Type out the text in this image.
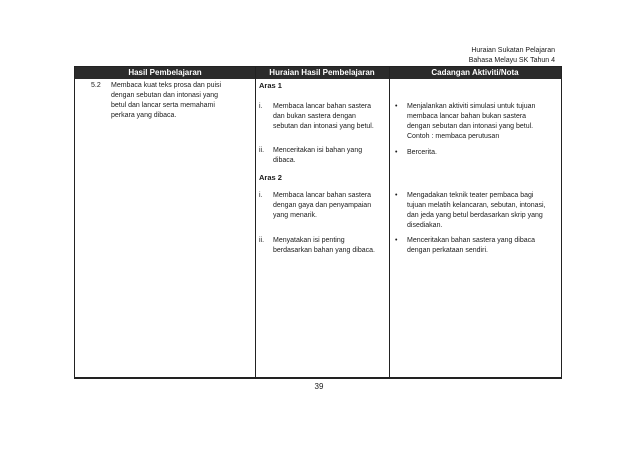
Huraian Sukatan Pelajaran
Bahasa Melayu SK Tahun 4
Hasil Pembelajaran	Huraian Hasil Pembelajaran	Cadangan Aktiviti/Nota
5.2 Membaca kuat teks prosa dan puisi
dengan sebutan dan intonasi yang
betul dan lancar serta memahami
perkara yang dibaca.
Aras 1
i. Membaca lancar bahan sastera
dan bukan sastera dengan
sebutan dan intonasi yang betul.
ii. Menceritakan isi bahan yang
dibaca.
Aras 2
i. Membaca lancar bahan sastera
dengan gaya dan penyampaian
yang menarik.
ii. Menyatakan isi penting
berdasarkan bahan yang dibaca.
• Menjalankan aktiviti simulasi untuk tujuan
membaca lancar bahan bukan sastera
dengan sebutan dan intonasi yang betul.
Contoh : membaca perutusan
• Bercerita.
• Mengadakan teknik teater pembaca bagi
tujuan melatih kelancaran, sebutan, intonasi,
dan jeda yang betul berdasarkan skrip yang
disediakan.
• Menceritakan bahan sastera yang dibaca
dengan perkataan sendiri.
39
